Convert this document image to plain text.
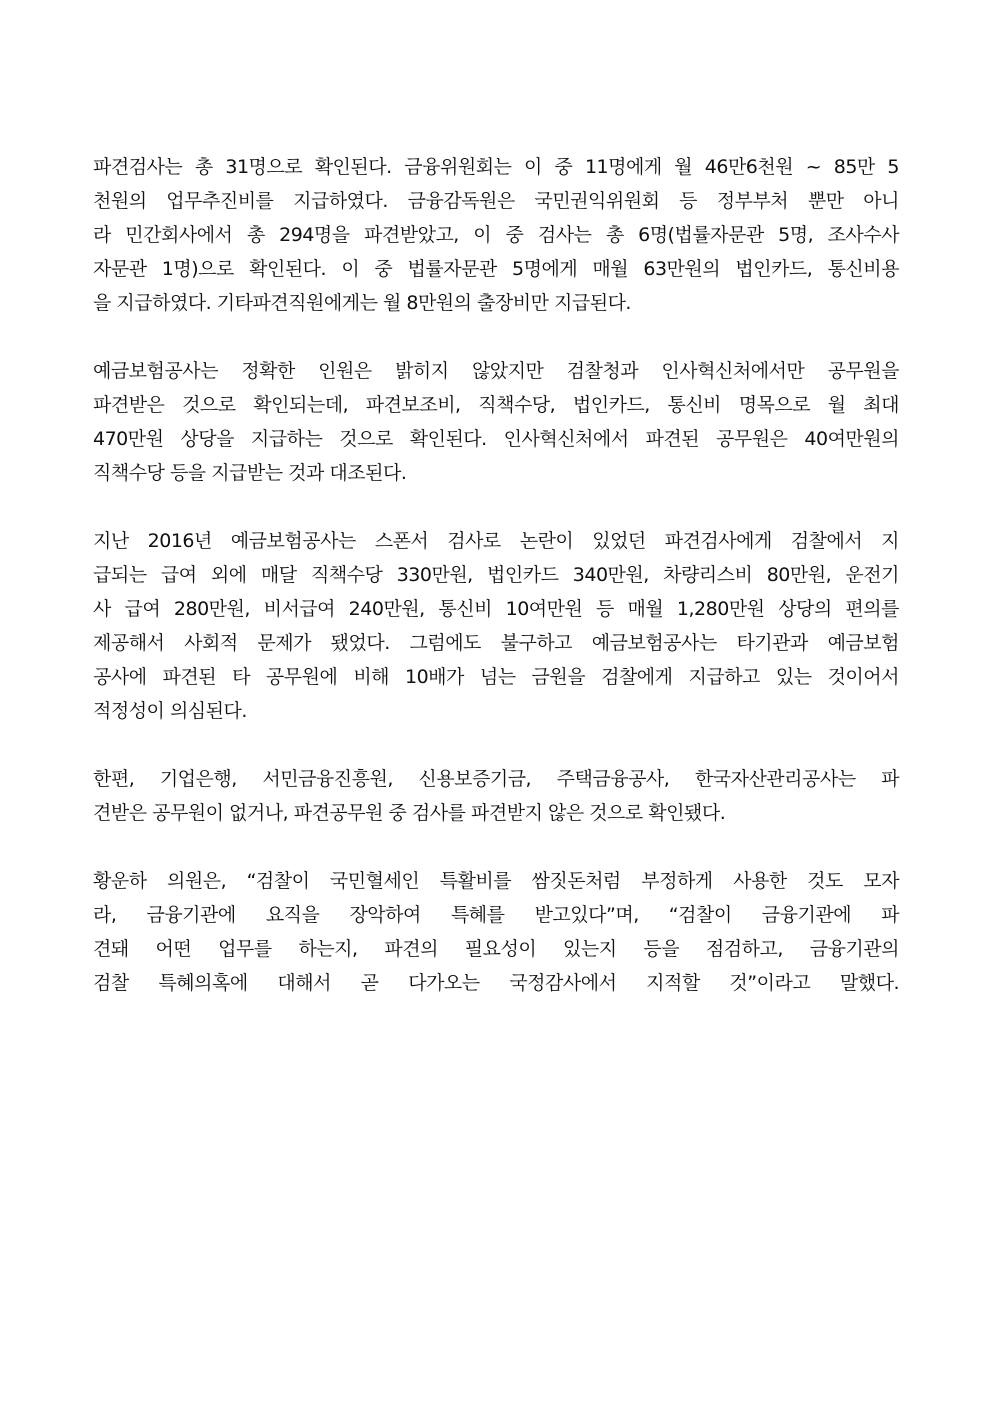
파견검사는 총 31명으로 확인된다. 금융위원회는 이 중 11명에게 월 46만6천원 ~ 85만 5
천원의 업무추진비를 지급하였다. 금융감독원은 국민권익위원회 등 정부부처 뿐만 아니
라 민간회사에서 총 294명을 파견받았고, 이 중 검사는 총 6명(법률자문관 5명, 조사수사
자문관 1명)으로 확인된다. 이 중 법률자문관 5명에게 매월 63만원의 법인카드, 통신비용
을 지급하였다. 기타파견직원에게는 월 8만원의 출장비만 지급된다.
예금보험공사는 정확한 인원은 밝히지 않았지만 검찰청과 인사혁신처에서만 공무원을
파견받은 것으로 확인되는데, 파견보조비, 직책수당, 법인카드, 통신비 명목으로 월 최대
470만원 상당을 지급하는 것으로 확인된다. 인사혁신처에서 파견된 공무원은 40여만원의
직책수당 등을 지급받는 것과 대조된다.
지난 2016년 예금보험공사는 스폰서 검사로 논란이 있었던 파견검사에게 검찰에서 지
급되는 급여 외에 매달 직책수당 330만원, 법인카드 340만원, 차량리스비 80만원, 운전기
사 급여 280만원, 비서급여 240만원, 통신비 10여만원 등 매월 1,280만원 상당의 편의를
제공해서 사회적 문제가 됐었다. 그럼에도 불구하고 예금보험공사는 타기관과 예금보험
공사에 파견된 타 공무원에 비해 10배가 넘는 금원을 검찰에게 지급하고 있는 것이어서
적정성이 의심된다.
한편, 기업은행, 서민금융진흥원, 신용보증기금, 주택금융공사, 한국자산관리공사는 파
견받은 공무원이 없거나, 파견공무원 중 검사를 파견받지 않은 것으로 확인됐다.
황운하 의원은, “검찰이 국민혈세인 특활비를 쌈짓돈처럼 부정하게 사용한 것도 모자
라, 금융기관에 요직을 장악하여 특혜를 받고있다”며, “검찰이 금융기관에 파
견돼 어떤 업무를 하는지, 파견의 필요성이 있는지 등을 점검하고, 금융기관의
검찰 특혜의혹에 대해서 곧 다가오는 국정감사에서 지적할 것”이라고 말했다.
